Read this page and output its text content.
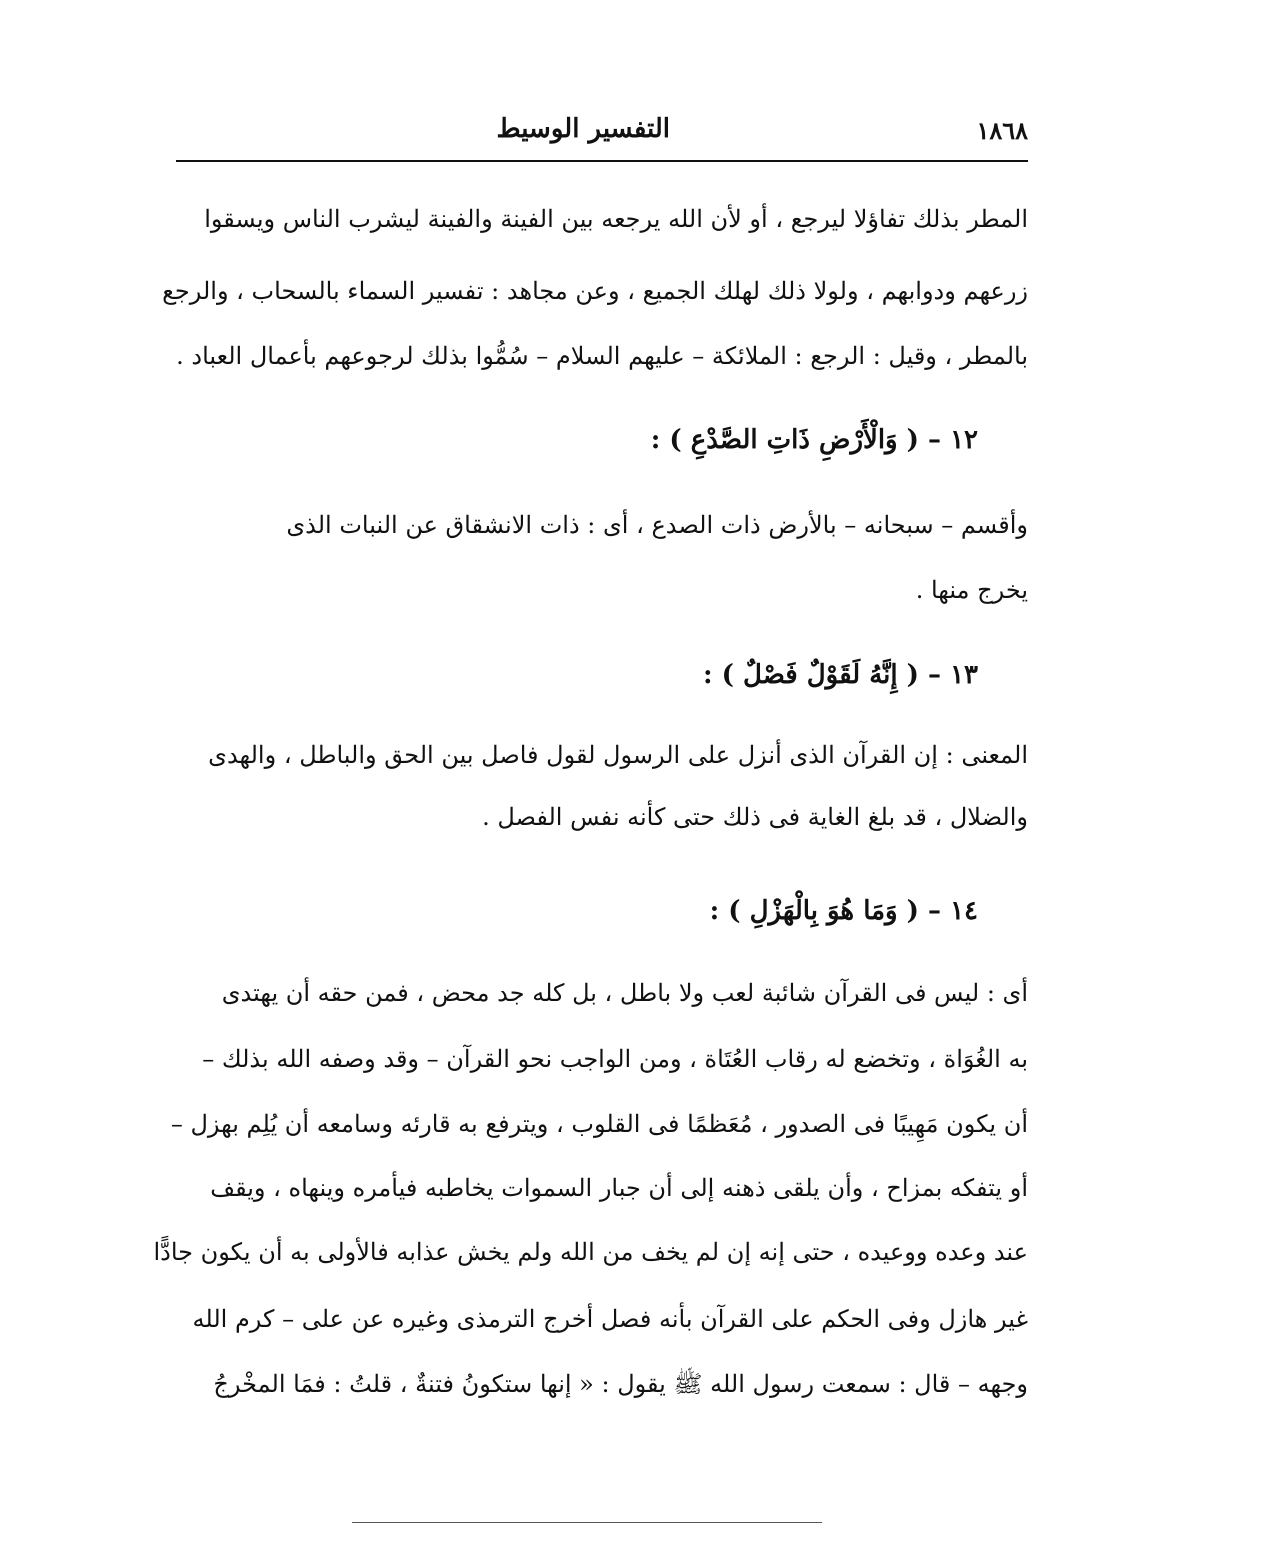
١٨٦٨
التفسير الوسيط
المطر بذلك تفاؤلا ليرجع ، أو لأن الله يرجعه بين الفينة والفينة ليشرب الناس ويسقوا
زرعهم ودوابهم ، ولولا ذلك لهلك الجميع ، وعن مجاهد : تفسير السماء بالسحاب ، والرجع
بالمطر ، وقيل : الرجع : الملائكة – عليهم السلام – سُمُّوا بذلك لرجوعهم بأعمال العباد .
١٢ – ( وَالْأَرْضِ ذَاتِ الصَّدْعِ ) :
وأقسم – سبحانه – بالأرض ذات الصدع ، أى : ذات الانشقاق عن النبات الذى
يخرج منها .
١٣ – ( إِنَّهُ لَقَوْلٌ فَصْلٌ ) :
المعنى : إن القرآن الذى أنزل على الرسول لقول فاصل بين الحق والباطل ، والهدى
والضلال ، قد بلغ الغاية فى ذلك حتى كأنه نفس الفصل .
١٤ – ( وَمَا هُوَ بِالْهَزْلِ ) :
أى : ليس فى القرآن شائبة لعب ولا باطل ، بل كله جد محض ، فمن حقه أن يهتدى
به الغُوَاة ، وتخضع له رقاب العُتَاة ، ومن الواجب نحو القرآن – وقد وصفه الله بذلك –
أن يكون مَهِيبًا فى الصدور ، مُعَظمًا فى القلوب ، ويترفع به قارئه وسامعه أن يُلِم بهزل –
أو يتفكه بمزاح ، وأن يلقى ذهنه إلى أن جبار السموات يخاطبه فيأمره وينهاه ، ويقف
عند وعده ووعيده ، حتى إنه إن لم يخف من الله ولم يخش عذابه فالأولى به أن يكون جادًّا
غير هازل وفى الحكم على القرآن بأنه فصل أخرج الترمذى وغيره عن على – كرم الله
وجهه – قال : سمعت رسول الله ﷺ يقول : « إنها ستكونُ فتنةٌ ، قلتُ : فمَا المخْرجُ
